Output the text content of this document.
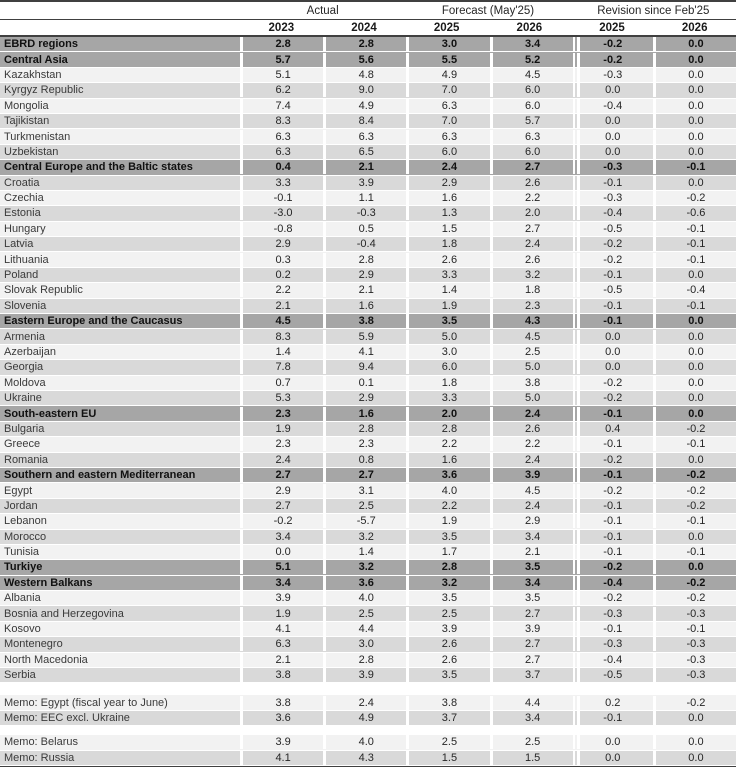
Actual	Forecast (May'25)	Revision since Feb'25
2023	2024	2025	2026	2025	2026
EBRD regions	2.8	2.8	3.0	3.4	-0.2	0.0
Central Asia	5.7	5.6	5.5	5.2	-0.2	0.0
Kazakhstan	5.1	4.8	4.9	4.5	-0.3	0.0
Kyrgyz Republic	6.2	9.0	7.0	6.0	0.0	0.0
Mongolia	7.4	4.9	6.3	6.0	-0.4	0.0
Tajikistan	8.3	8.4	7.0	5.7	0.0	0.0
Turkmenistan	6.3	6.3	6.3	6.3	0.0	0.0
Uzbekistan	6.3	6.5	6.0	6.0	0.0	0.0
Central Europe and the Baltic states	0.4	2.1	2.4	2.7	-0.3	-0.1
Croatia	3.3	3.9	2.9	2.6	-0.1	0.0
Czechia	-0.1	1.1	1.6	2.2	-0.3	-0.2
Estonia	-3.0	-0.3	1.3	2.0	-0.4	-0.6
Hungary	-0.8	0.5	1.5	2.7	-0.5	-0.1
Latvia	2.9	-0.4	1.8	2.4	-0.2	-0.1
Lithuania	0.3	2.8	2.6	2.6	-0.2	-0.1
Poland	0.2	2.9	3.3	3.2	-0.1	0.0
Slovak Republic	2.2	2.1	1.4	1.8	-0.5	-0.4
Slovenia	2.1	1.6	1.9	2.3	-0.1	-0.1
Eastern Europe and the Caucasus	4.5	3.8	3.5	4.3	-0.1	0.0
Armenia	8.3	5.9	5.0	4.5	0.0	0.0
Azerbaijan	1.4	4.1	3.0	2.5	0.0	0.0
Georgia	7.8	9.4	6.0	5.0	0.0	0.0
Moldova	0.7	0.1	1.8	3.8	-0.2	0.0
Ukraine	5.3	2.9	3.3	5.0	-0.2	0.0
South-eastern EU	2.3	1.6	2.0	2.4	-0.1	0.0
Bulgaria	1.9	2.8	2.8	2.6	0.4	-0.2
Greece	2.3	2.3	2.2	2.2	-0.1	-0.1
Romania	2.4	0.8	1.6	2.4	-0.2	0.0
Southern and eastern Mediterranean	2.7	2.7	3.6	3.9	-0.1	-0.2
Egypt	2.9	3.1	4.0	4.5	-0.2	-0.2
Jordan	2.7	2.5	2.2	2.4	-0.1	-0.2
Lebanon	-0.2	-5.7	1.9	2.9	-0.1	-0.1
Morocco	3.4	3.2	3.5	3.4	-0.1	0.0
Tunisia	0.0	1.4	1.7	2.1	-0.1	-0.1
Turkiye	5.1	3.2	2.8	3.5	-0.2	0.0
Western Balkans	3.4	3.6	3.2	3.4	-0.4	-0.2
Albania	3.9	4.0	3.5	3.5	-0.2	-0.2
Bosnia and Herzegovina	1.9	2.5	2.5	2.7	-0.3	-0.3
Kosovo	4.1	4.4	3.9	3.9	-0.1	-0.1
Montenegro	6.3	3.0	2.6	2.7	-0.3	-0.3
North Macedonia	2.1	2.8	2.6	2.7	-0.4	-0.3
Serbia	3.8	3.9	3.5	3.7	-0.5	-0.3
Memo: Egypt (fiscal year to June)	3.8	2.4	3.8	4.4	0.2	-0.2
Memo: EEC excl. Ukraine	3.6	4.9	3.7	3.4	-0.1	0.0
Memo: Belarus	3.9	4.0	2.5	2.5	0.0	0.0
Memo: Russia	4.1	4.3	1.5	1.5	0.0	0.0
